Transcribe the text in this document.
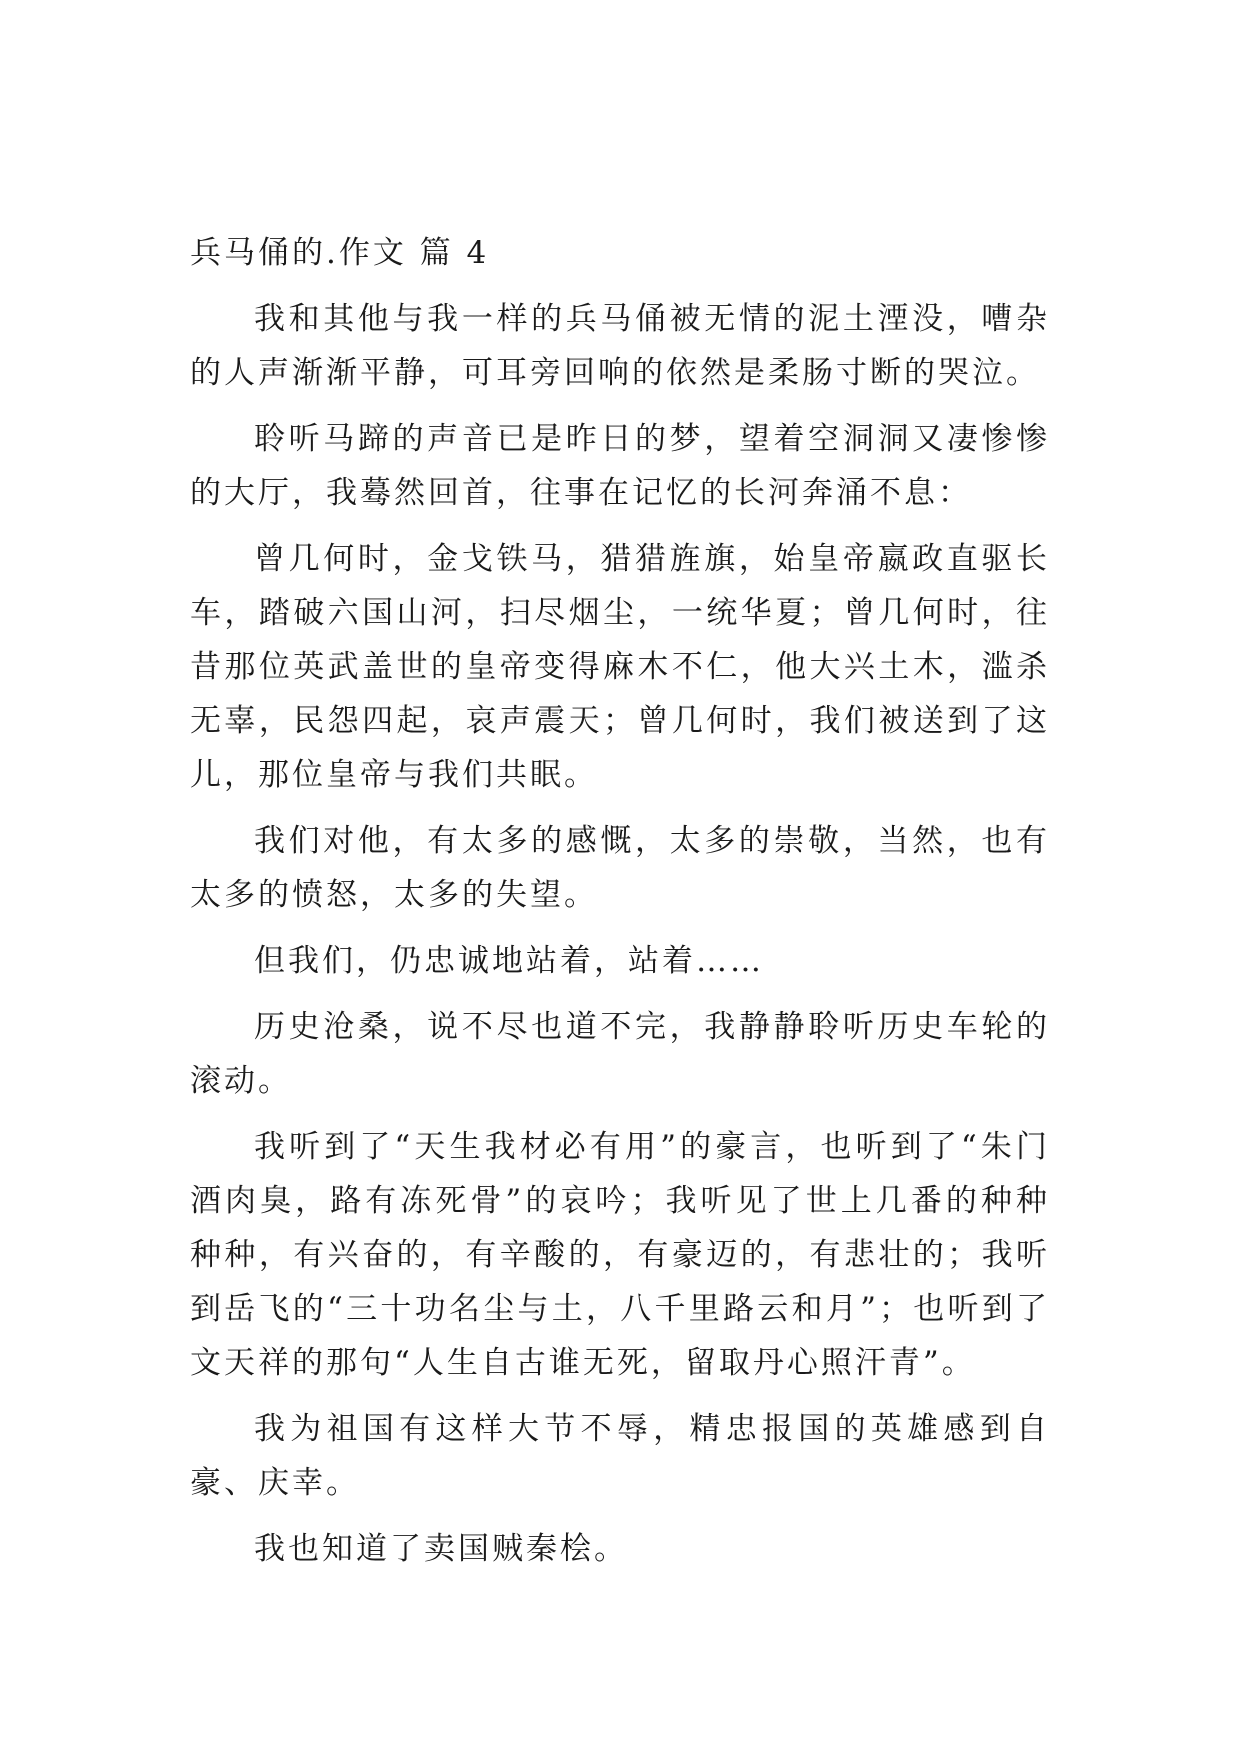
兵马俑的.作文 篇 4

我和其他与我一样的兵马俑被无情的泥土湮没，嘈杂的人声渐渐平静，可耳旁回响的依然是柔肠寸断的哭泣。

聆听马蹄的声音已是昨日的梦，望着空洞洞又凄惨惨的大厅，我蓦然回首，往事在记忆的长河奔涌不息：

曾几何时，金戈铁马，猎猎旌旗，始皇帝嬴政直驱长车，踏破六国山河，扫尽烟尘，一统华夏；曾几何时，往昔那位英武盖世的皇帝变得麻木不仁，他大兴土木，滥杀无辜，民怨四起，哀声震天；曾几何时，我们被送到了这儿，那位皇帝与我们共眠。

我们对他，有太多的感慨，太多的崇敬，当然，也有太多的愤怒，太多的失望。

但我们，仍忠诚地站着，站着……

历史沧桑，说不尽也道不完，我静静聆听历史车轮的滚动。

我听到了“天生我材必有用”的豪言，也听到了“朱门酒肉臭，路有冻死骨”的哀吟；我听见了世上几番的种种种种，有兴奋的，有辛酸的，有豪迈的，有悲壮的；我听到岳飞的“三十功名尘与土，八千里路云和月”；也听到了文天祥的那句“人生自古谁无死，留取丹心照汗青”。

我为祖国有这样大节不辱，精忠报国的英雄感到自豪、庆幸。

我也知道了卖国贼秦桧。
